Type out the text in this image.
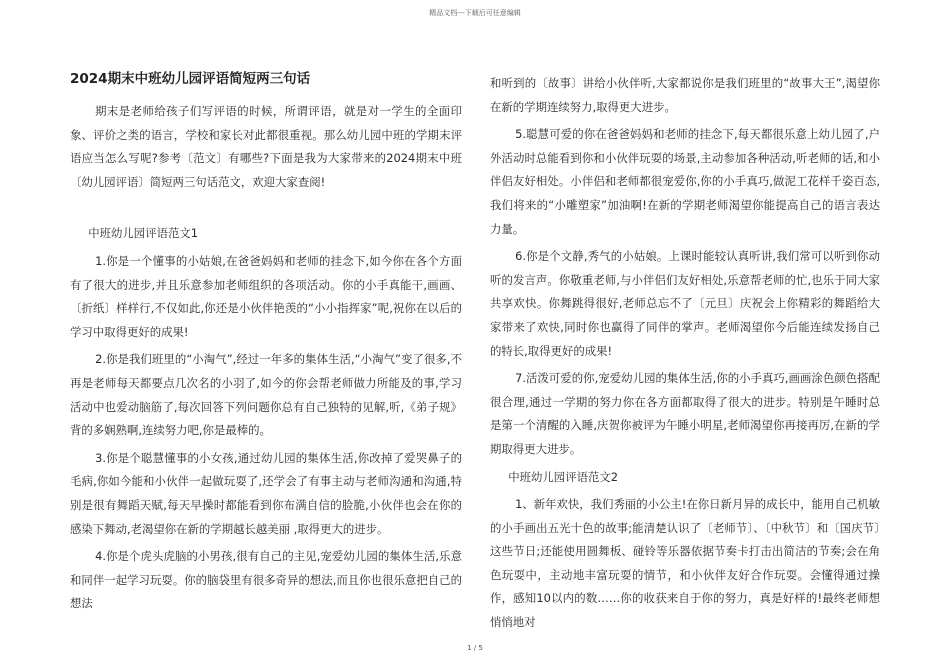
精品文档---下载后可任意编辑
2024期末中班幼儿园评语简短两三句话

期末是老师给孩子们写评语的时候，所谓评语，就是对一学生的全面印象、评价之类的语言，学校和家长对此都很重视。那么幼儿园中班的学期末评语应当怎么写呢?参考〔范文〕有哪些?下面是我为大家带来的2024期末中班〔幼儿园评语〕简短两三句话范文，欢迎大家查阅!

中班幼儿园评语范文1

1.你是一个懂事的小姑娘,在爸爸妈妈和老师的挂念下,如今你在各个方面有了很大的进步,并且乐意参加老师组织的各项活动。你的小手真能干,画画、〔折纸〕样样行,不仅如此,你还是小伙伴艳羡的“小小指挥家”呢,祝你在以后的学习中取得更好的成果!

2.你是我们班里的“小淘气”,经过一年多的集体生活,“小淘气”变了很多,不再是老师每天都要点几次名的小羽了,如今的你会帮老师做力所能及的事,学习活动中也爱动脑筋了,每次回答下列问题你总有自己独特的见解,听,《弟子规》背的多娴熟啊,连续努力吧,你是最棒的。

3.你是个聪慧懂事的小女孩,通过幼儿园的集体生活,你改掉了爱哭鼻子的毛病,你如今能和小伙伴一起做玩耍了,还学会了有事主动与老师沟通和沟通,特别是很有舞蹈天赋,每天早操时都能看到你布满自信的脸脆,小伙伴也会在你的感染下舞动,老渴望你在新的学期越长越美丽 ,取得更大的进步。

4.你是个虎头虎脑的小男孩,很有自己的主见,宠爱幼儿园的集体生活,乐意和同伴一起学习玩耍。你的脑袋里有很多奇异的想法,而且你也很乐意把自己的想法

和听到的〔故事〕讲给小伙伴听,大家都说你是我们班里的“故事大王”,渴望你在新的学期连续努力,取得更大进步。

5.聪慧可爱的你在爸爸妈妈和老师的挂念下,每天都很乐意上幼儿园了,户外活动时总能看到你和小伙伴玩耍的场景,主动参加各种活动,听老师的话,和小伴侣友好相处。小伴侣和老师都很宠爱你,你的小手真巧,做泥工花样千姿百态,我们将来的“小雕塑家”加油啊!在新的学期老师渴望你能提高自己的语言表达力量。

6.你是个文静,秀气的小姑娘。上课时能较认真听讲,我们常可以听到你动听的发言声。你敬重老师,与小伴侣们友好相处,乐意帮老师的忙,也乐于同大家共享欢快。你舞跳得很好,老师总忘不了〔元旦〕庆祝会上你精彩的舞蹈给大家带来了欢快,同时你也赢得了同伴的掌声。老师渴望你今后能连续发扬自己的特长,取得更好的成果!

7.活泼可爱的你,宠爱幼儿园的集体生活,你的小手真巧,画画涂色颜色搭配很合理,通过一学期的努力你在各方面都取得了很大的进步。特别是午睡时总是第一个清醒的入睡,庆贺你被评为午睡小明星,老师渴望你再接再厉,在新的学期取得更大进步。

中班幼儿园评语范文2

1、新年欢快，我们秀丽的小公主!在你日新月异的成长中，能用自己机敏的小手画出五光十色的故事;能清楚认识了〔老师节〕、〔中秋节〕和〔国庆节〕这些节日;还能使用圆舞板、碰铃等乐器依据节奏卡打击出简洁的节奏;会在角色玩耍中，主动地丰富玩耍的情节，和小伙伴友好合作玩耍。会懂得通过操作，感知10以内的数……你的收获来自于你的努力，真是好样的!最终老师想悄悄地对

1 / 5
